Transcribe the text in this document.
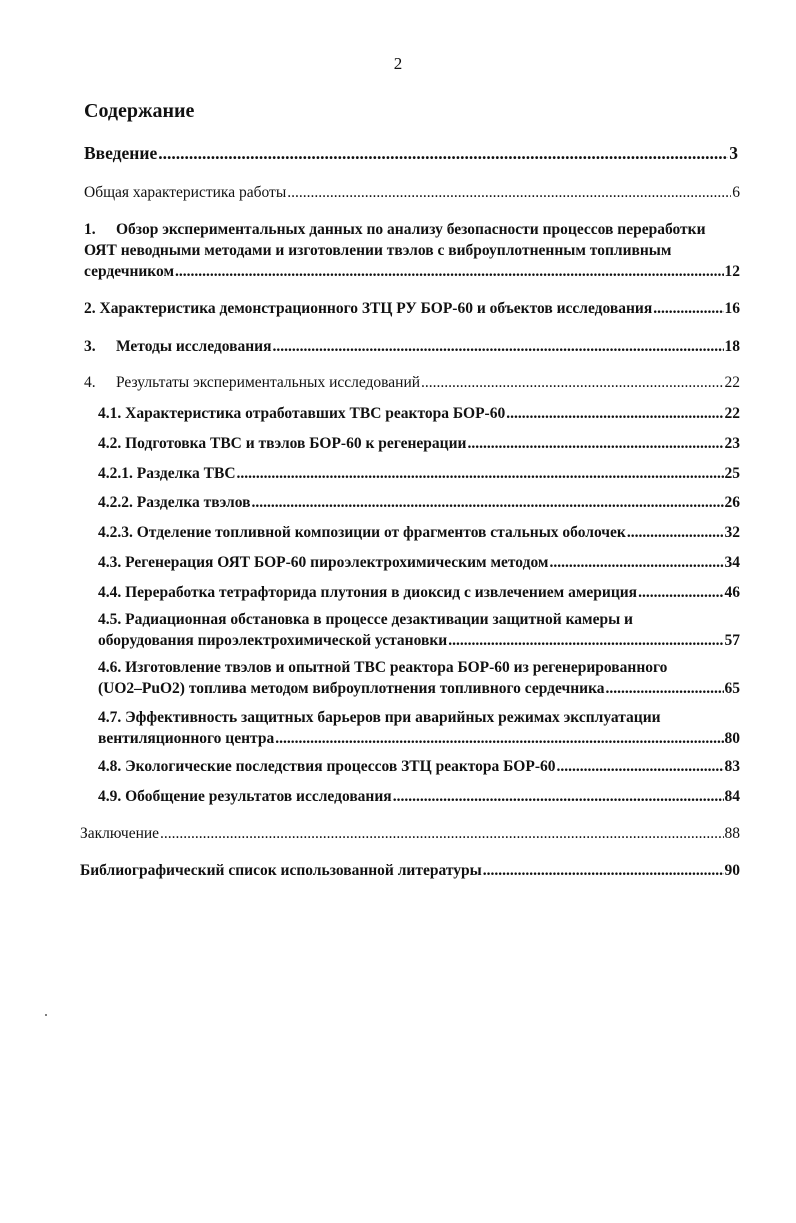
2
Содержание
Введение .....	3
Общая характеристика работы .....	6
1. Обзор экспериментальных данных по анализу безопасности процессов переработки
ОЯТ неводными методами и изготовлении твэлов с виброуплотненным топливным
сердечником .....	12
2. Характеристика демонстрационного ЗТЦ РУ БОР-60 и объектов исследования .....	16
3. Методы исследования .....	18
4. Результаты экспериментальных исследований .....	22
4.1. Характеристика отработавших ТВС реактора БОР-60 .....	22
4.2. Подготовка ТВС и твэлов БОР-60 к регенерации .....	23
4.2.1. Разделка ТВС .....	25
4.2.2. Разделка твэлов .....	26
4.2.3. Отделение топливной композиции от фрагментов стальных оболочек .....	32
4.3. Регенерация ОЯТ БОР-60 пироэлектрохимическим методом .....	34
4.4. Переработка тетрафторида плутония в диоксид с извлечением америция .....	46
4.5. Радиационная обстановка в процессе дезактивации защитной камеры и
оборудования пироэлектрохимической установки .....	57
4.6. Изготовление твэлов и опытной ТВС реактора БОР-60 из регенерированного
(UO2–PuO2) топлива методом виброуплотнения топливного сердечника .....	65
4.7. Эффективность защитных барьеров при аварийных режимах эксплуатации
вентиляционного центра .....	80
4.8. Экологические последствия процессов ЗТЦ реактора БОР-60 .....	83
4.9. Обобщение результатов исследования .....	84
Заключение .....	88
Библиографический список использованной литературы .....	90
